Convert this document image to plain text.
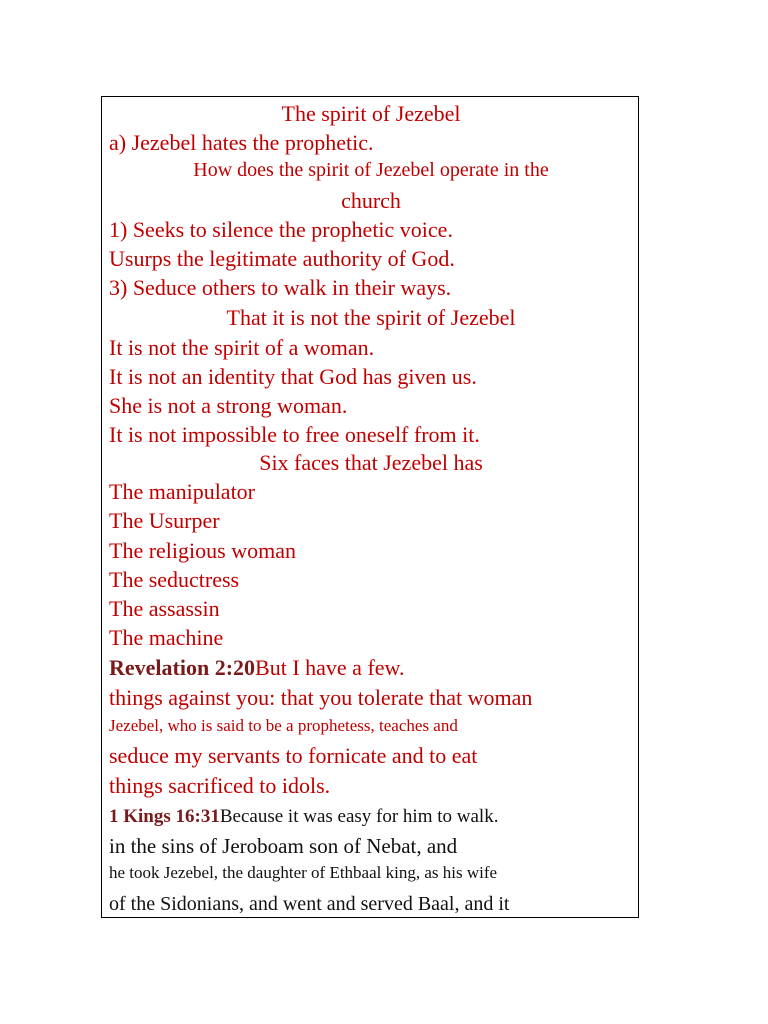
The spirit of Jezebel
a) Jezebel hates the prophetic.
How does the spirit of Jezebel operate in the
church
1) Seeks to silence the prophetic voice.
Usurps the legitimate authority of God.
3) Seduce others to walk in their ways.
That it is not the spirit of Jezebel
It is not the spirit of a woman.
It is not an identity that God has given us.
She is not a strong woman.
It is not impossible to free oneself from it.
Six faces that Jezebel has
The manipulator
The Usurper
The religious woman
The seductress
The assassin
The machine
Revelation 2:20But I have a few.
things against you: that you tolerate that woman
Jezebel, who is said to be a prophetess, teaches and
seduce my servants to fornicate and to eat
things sacrificed to idols.
1 Kings 16:31Because it was easy for him to walk.
in the sins of Jeroboam son of Nebat, and
he took Jezebel, the daughter of Ethbaal king, as his wife
of the Sidonians, and went and served Baal, and it
